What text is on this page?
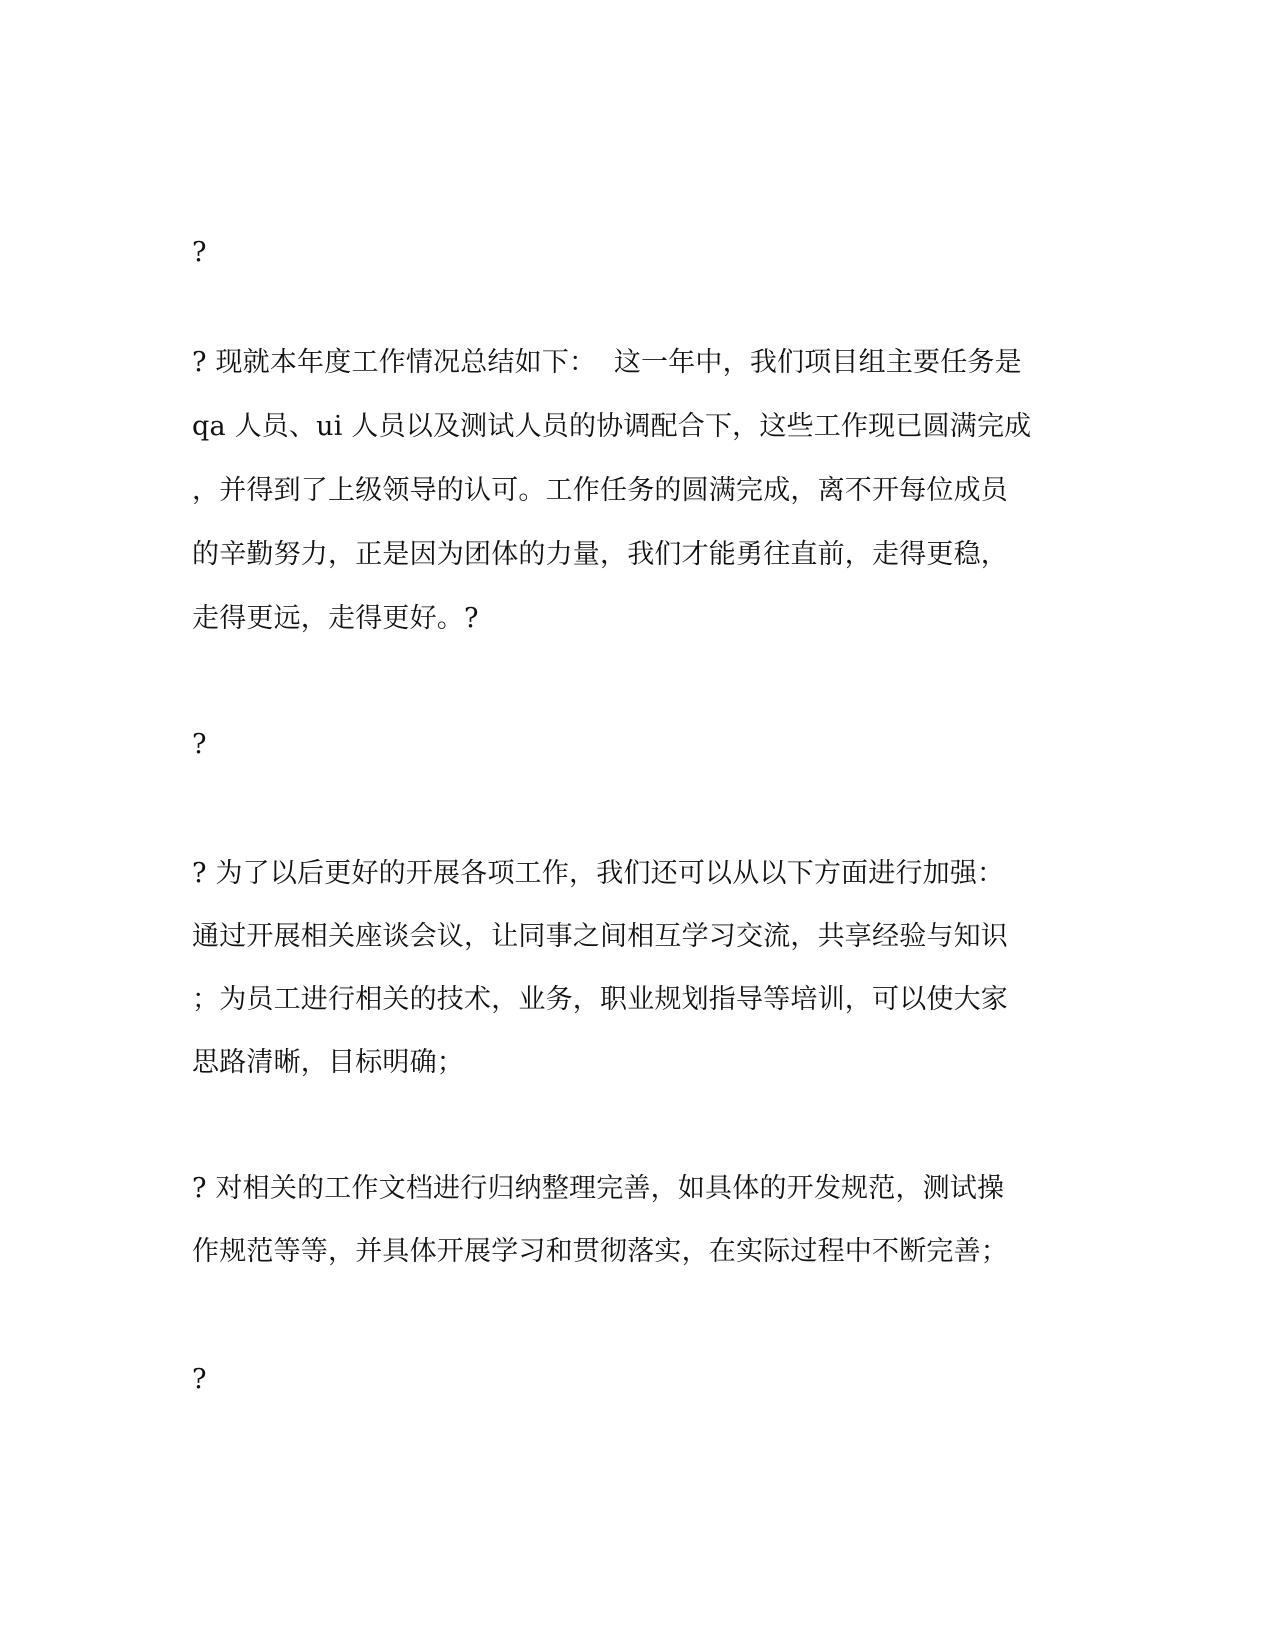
?
? 现就本年度工作情况总结如下：  这一年中，我们项目组主要任务是
qa 人员、ui 人员以及测试人员的协调配合下，这些工作现已圆满完成
，并得到了上级领导的认可。工作任务的圆满完成，离不开每位成员
的辛勤努力，正是因为团体的力量，我们才能勇往直前，走得更稳，
走得更远，走得更好。?
?
? 为了以后更好的开展各项工作，我们还可以从以下方面进行加强：
通过开展相关座谈会议，让同事之间相互学习交流，共享经验与知识
；为员工进行相关的技术，业务，职业规划指导等培训，可以使大家
思路清晰，目标明确；
? 对相关的工作文档进行归纳整理完善，如具体的开发规范，测试操
作规范等等，并具体开展学习和贯彻落实，在实际过程中不断完善；
?
